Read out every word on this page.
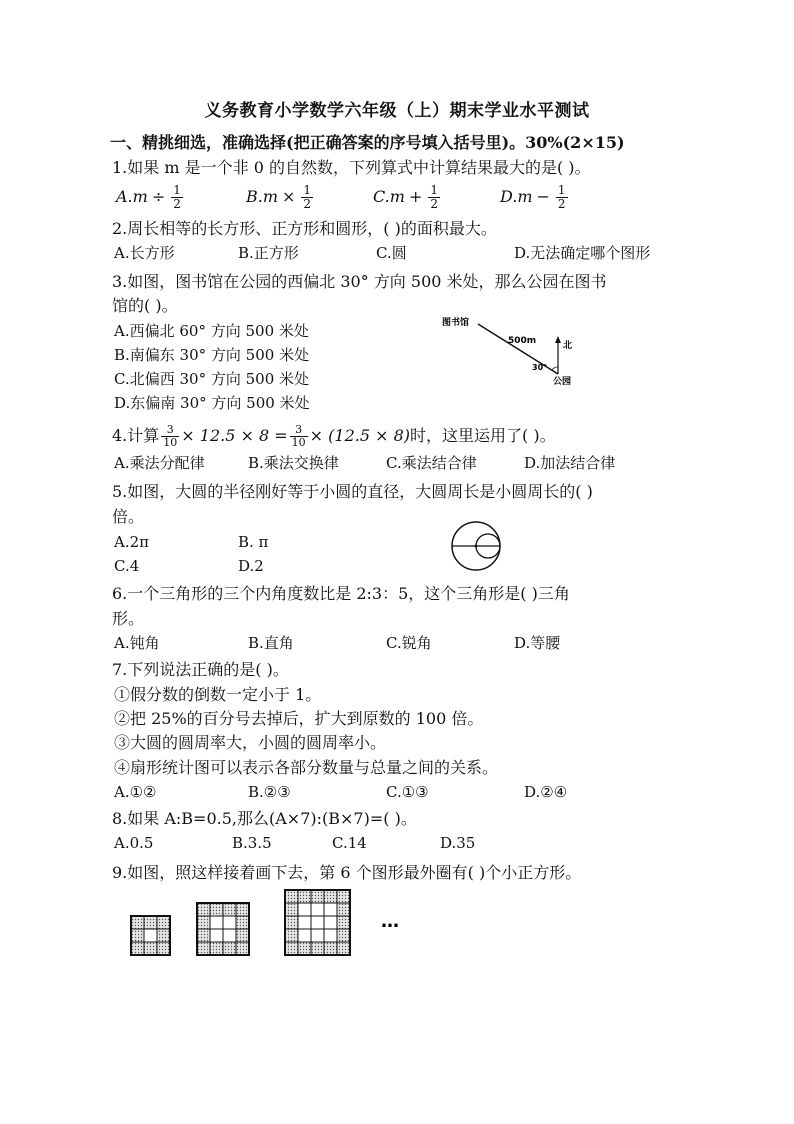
义务教育小学数学六年级（上）期末学业水平测试
一、精挑细选，准确选择(把正确答案的序号填入括号里)。30%(2×15)
1.如果 m 是一个非 0 的自然数，下列算式中计算结果最大的是( )。
$A.m \div \frac{1}{2}$	$B.m \times \frac{1}{2}$	$C.m + \frac{1}{2}$	$D.m - \frac{1}{2}$
2.周长相等的长方形、正方形和圆形，( )的面积最大。
A.长方形	B.正方形	C.圆	D.无法确定哪个图形
3.如图，图书馆在公园的西偏北 30° 方向 500 米处，那么公园在图书
馆的( )。
A.西偏北 60° 方向 500 米处
B.南偏东 30° 方向 500 米处
C.北偏西 30° 方向 500 米处
D.东偏南 30° 方向 500 米处
图书馆
500m	北
30°
公园
4.计算 $\frac{3}{10} \times 12.5 \times 8 = \frac{3}{10} \times (12.5 \times 8)$时，这里运用了( )。
A.乘法分配律	B.乘法交换律	C.乘法结合律	D.加法结合律
5.如图，大圆的半径刚好等于小圆的直径，大圆周长是小圆周长的( )
倍。
A.2π	B. π
C.4	D.2
6.一个三角形的三个内角度数比是 2:3：5，这个三角形是( )三角
形。
A.钝角	B.直角	C.锐角	D.等腰
7.下列说法正确的是( )。
①假分数的倒数一定小于 1。
②把 25%的百分号去掉后，扩大到原数的 100 倍。
③大圆的圆周率大，小圆的圆周率小。
④扇形统计图可以表示各部分数量与总量之间的关系。
A.①②	B.②③	C.①③	D.②④
8.如果 A:B=0.5,那么(A×7):(B×7)=( )。
A.0.5	B.3.5	C.14	D.35
9.如图，照这样接着画下去，第 6 个图形最外圈有( )个小正方形。
…
